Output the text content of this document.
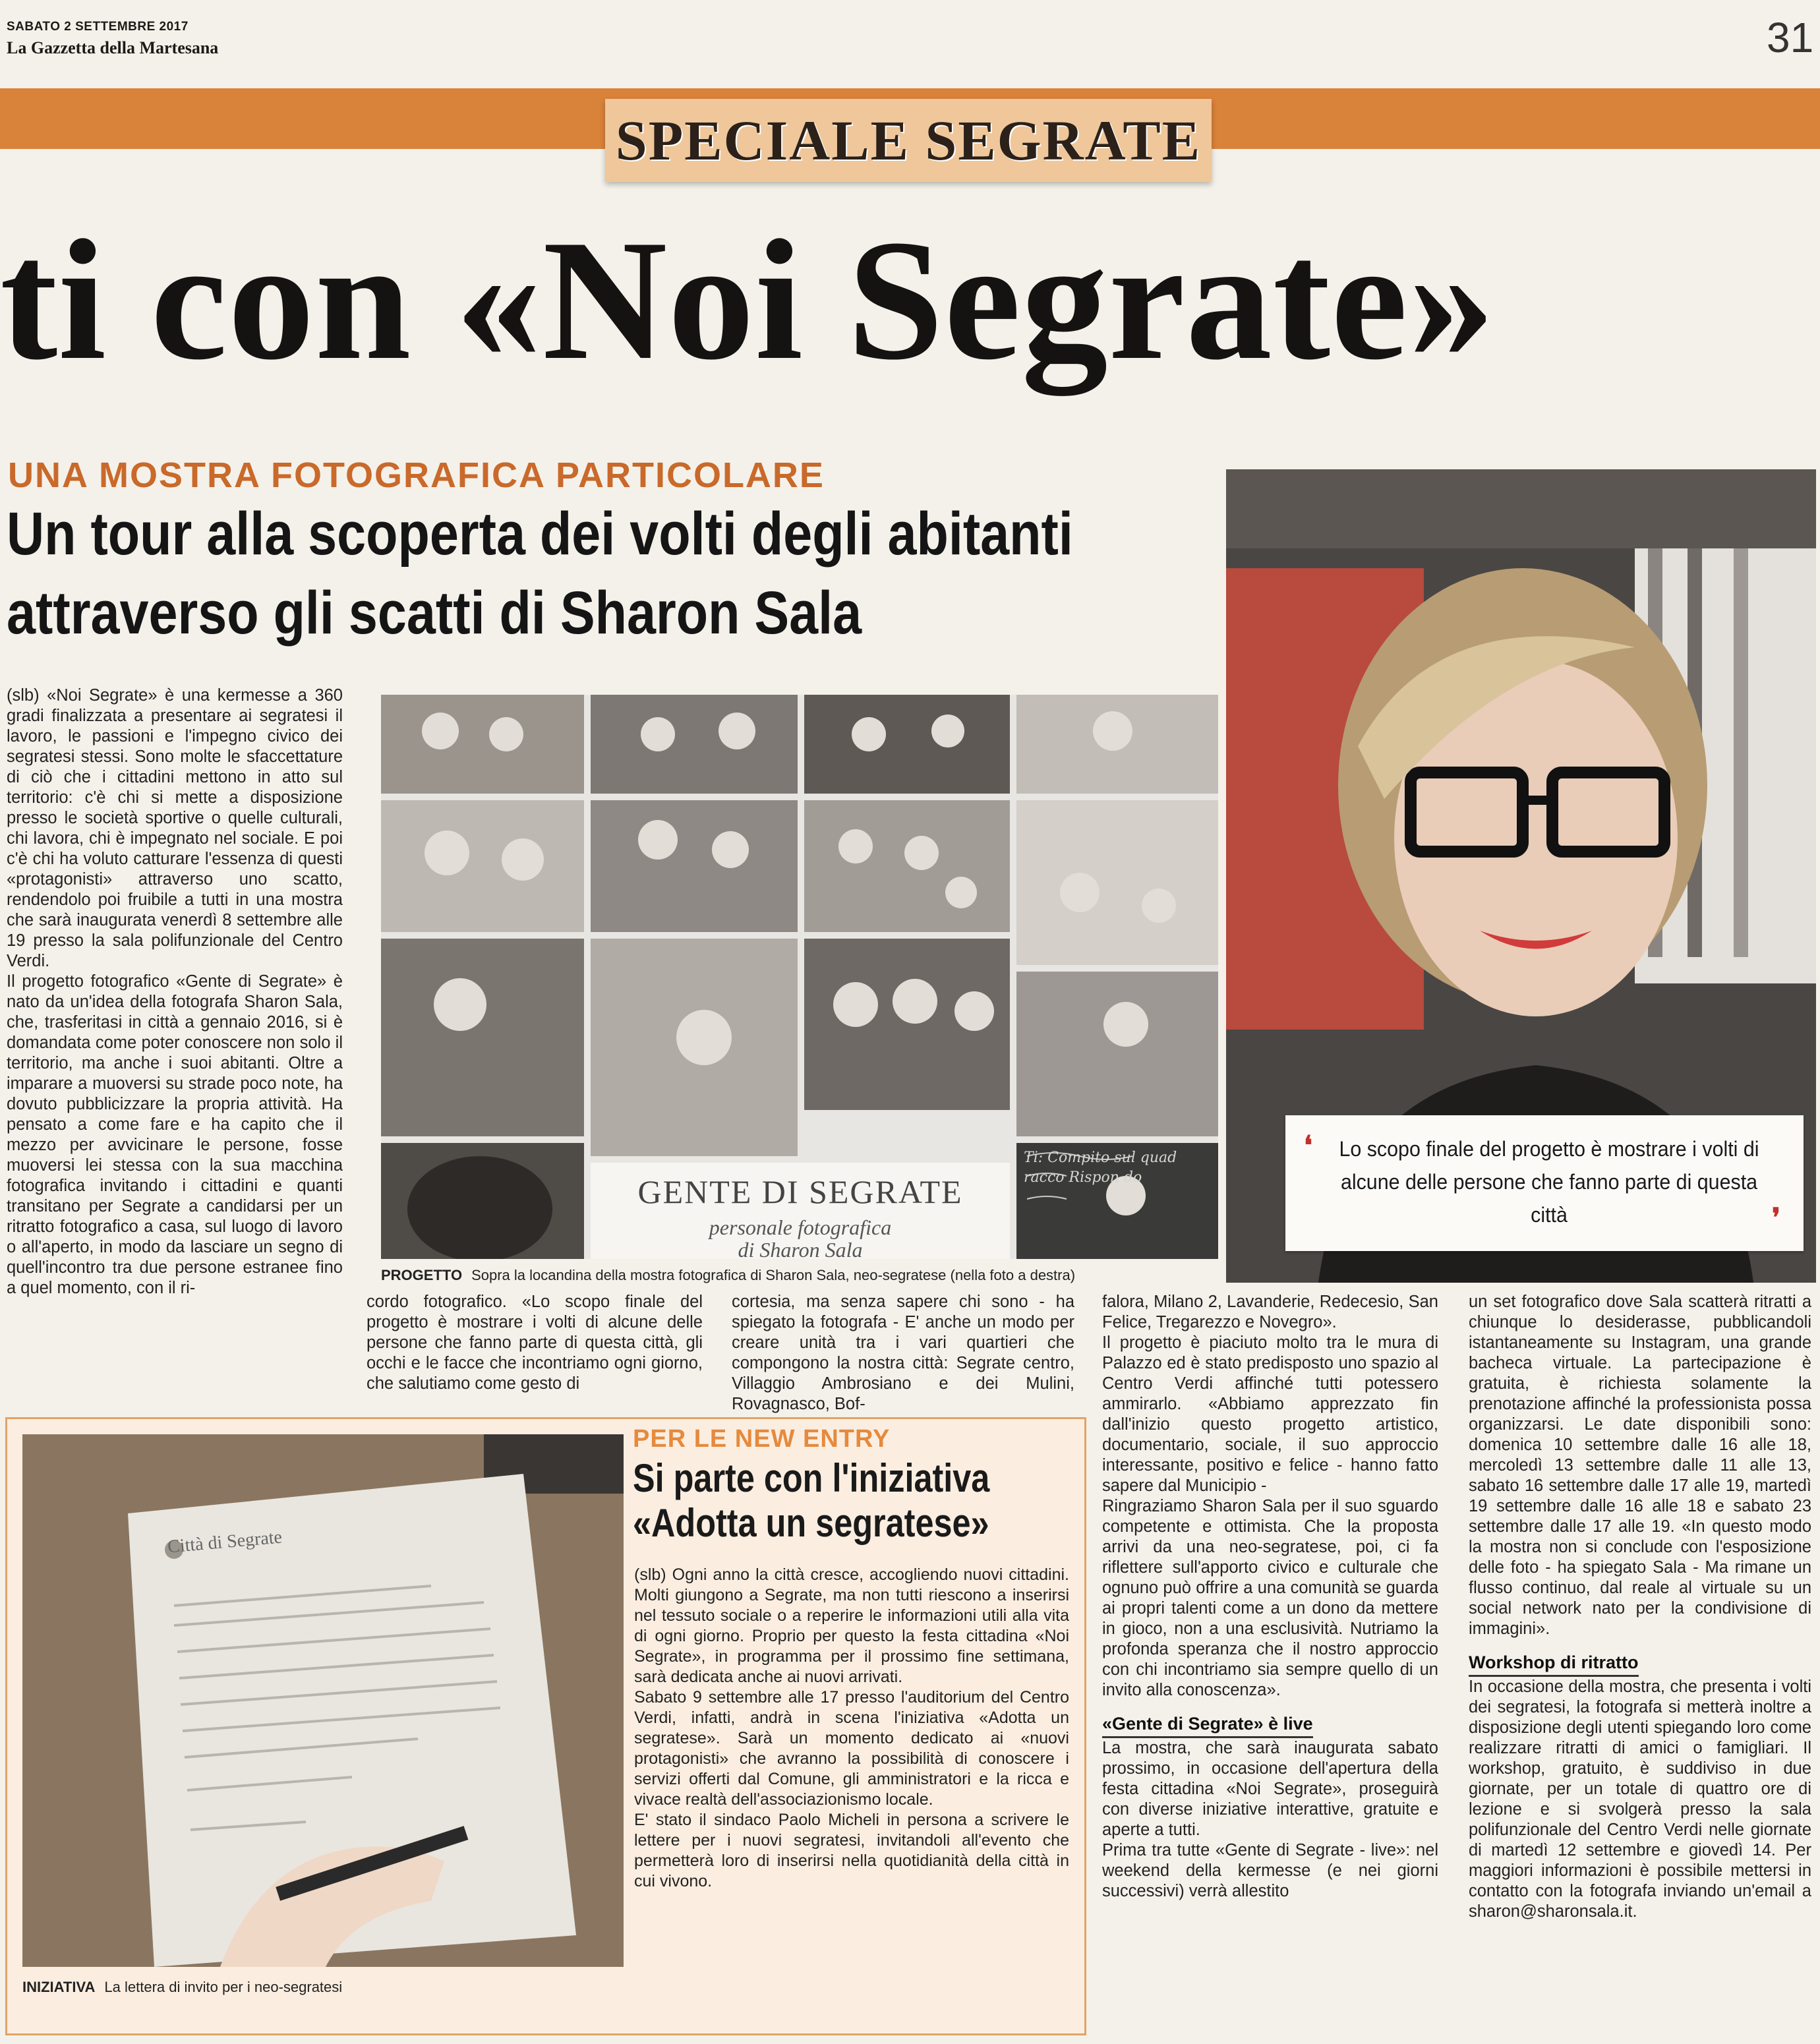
SABATO 2 SETTEMBRE 2017
La Gazzetta della Martesana	31
SPECIALE SEGRATE
ti con «Noi Segrate»
UNA MOSTRA FOTOGRAFICA PARTICOLARE
Un tour alla scoperta dei volti degli abitanti
attraverso gli scatti di Sharon Sala

(slb) «Noi Segrate» è una kermesse a 360 gradi finalizzata a presentare ai segratesi il lavoro, le passioni e l'impegno civico dei segratesi stessi. Sono molte le sfaccettature di ciò che i cittadini mettono in atto sul territorio: c'è chi si mette a disposizione presso le società sportive o quelle culturali, chi lavora, chi è impegnato nel sociale. E poi c'è chi ha voluto catturare l'essenza di questi «protagonisti» attraverso uno scatto, rendendolo poi fruibile a tutti in una mostra che sarà inaugurata venerdì 8 settembre alle 19 presso la sala polifunzionale del Centro Verdi.

Il progetto fotografico «Gente di Segrate» è nato da un'idea della fotografa Sharon Sala, che, trasferitasi in città a gennaio 2016, si è domandata come poter conoscere non solo il territorio, ma anche i suoi abitanti. Oltre a imparare a muoversi su strade poco note, ha dovuto pubblicizzare la propria attività. Ha pensato a come fare e ha capito che il mezzo per avvicinare le persone, fosse muoversi lei stessa con la sua macchina fotografica invitando i cittadini e quanti transitano per Segrate a candidarsi per un ritratto fotografico a casa, sul luogo di lavoro o all'aperto, in modo da lasciare un segno di quell'incontro tra due persone estranee fino a quel momento, con il ri-

GENTE DI SEGRATE
personale fotografica
di Sharon Sala
Ti: Compito sul quad racco Rispon do
PROGETTO Sopra la locandina della mostra fotografica di Sharon Sala, neo-segratese (nella foto a destra)
❛ Lo scopo finale del progetto è mostrare i volti di alcune delle persone che fanno parte di questa città	❜

cordo fotografico. «Lo scopo finale del progetto è mostrare i volti di alcune delle persone che fanno parte di questa città, gli occhi e le facce che incontriamo ogni giorno, che salutiamo come gesto di

cortesia, ma senza sapere chi sono - ha spiegato la fotografa - E' anche un modo per creare unità tra i vari quartieri che compongono la nostra città: Segrate centro, Villaggio Ambrosiano e dei Mulini, Rovagnasco, Bof-

falora, Milano 2, Lavanderie, Redecesio, San Felice, Tregarezzo e Novegro».

Il progetto è piaciuto molto tra le mura di Palazzo ed è stato predisposto uno spazio al Centro Verdi affinché tutti potessero ammirarlo. «Abbiamo apprezzato fin dall'inizio questo progetto artistico, documentario, sociale, il suo approccio interessante, positivo e felice - hanno fatto sapere dal Municipio -

Ringraziamo Sharon Sala per il suo sguardo competente e ottimista. Che la proposta arrivi da una neo-segratese, poi, ci fa riflettere sull'apporto civico e culturale che ognuno può offrire a una comunità se guarda ai propri talenti come a un dono da mettere in gioco, non a una esclusività. Nutriamo la profonda speranza che il nostro approccio con chi incontriamo sia sempre quello di un invito alla conoscenza».

«Gente di Segrate» è live

La mostra, che sarà inaugurata sabato prossimo, in occasione dell'apertura della festa cittadina «Noi Segrate», proseguirà con diverse iniziative interattive, gratuite e aperte a tutti.

Prima tra tutte «Gente di Segrate - live»: nel weekend della kermesse (e nei giorni successivi) verrà allestito

un set fotografico dove Sala scatterà ritratti a chiunque lo desiderasse, pubblicandoli istantaneamente su Instagram, una grande bacheca virtuale. La partecipazione è gratuita, è richiesta solamente la prenotazione affinché la professionista possa organizzarsi. Le date disponibili sono: domenica 10 settembre dalle 16 alle 18, mercoledì 13 settembre dalle 11 alle 13, sabato 16 settembre dalle 17 alle 19, martedì 19 settembre dalle 16 alle 18 e sabato 23 settembre dalle 17 alle 19. «In questo modo la mostra non si conclude con l'esposizione delle foto - ha spiegato Sala - Ma rimane un flusso continuo, dal reale al virtuale su un social network nato per la condivisione di immagini».

Workshop di ritratto

In occasione della mostra, che presenta i volti dei segratesi, la fotografa si metterà inoltre a disposizione degli utenti spiegando loro come realizzare ritratti di amici o famigliari. Il workshop, gratuito, è suddiviso in due giornate, per un totale di quattro ore di lezione e si svolgerà presso la sala polifunzionale del Centro Verdi nelle giornate di martedì 12 settembre e giovedì 14. Per maggiori informazioni è possibile mettersi in contatto con la fotografa inviando un'email a sharon@sharonsala.it.

Città di Segrate
INIZIATIVA La lettera di invito per i neo-segratesi
PER LE NEW ENTRY
Si parte con l'iniziativa
«Adotta un segratese»

(slb) Ogni anno la città cresce, accogliendo nuovi cittadini. Molti giungono a Segrate, ma non tutti riescono a inserirsi nel tessuto sociale o a reperire le informazioni utili alla vita di ogni giorno. Proprio per questo la festa cittadina «Noi Segrate», in programma per il prossimo fine settimana, sarà dedicata anche ai nuovi arrivati.

Sabato 9 settembre alle 17 presso l'auditorium del Centro Verdi, infatti, andrà in scena l'iniziativa «Adotta un segratese». Sarà un momento dedicato ai «nuovi protagonisti» che avranno la possibilità di conoscere i servizi offerti dal Comune, gli amministratori e la ricca e vivace realtà dell'associazionismo locale.

E' stato il sindaco Paolo Micheli in persona a scrivere le lettere per i nuovi segratesi, invitandoli all'evento che permetterà loro di inserirsi nella quotidianità della città in cui vivono.
